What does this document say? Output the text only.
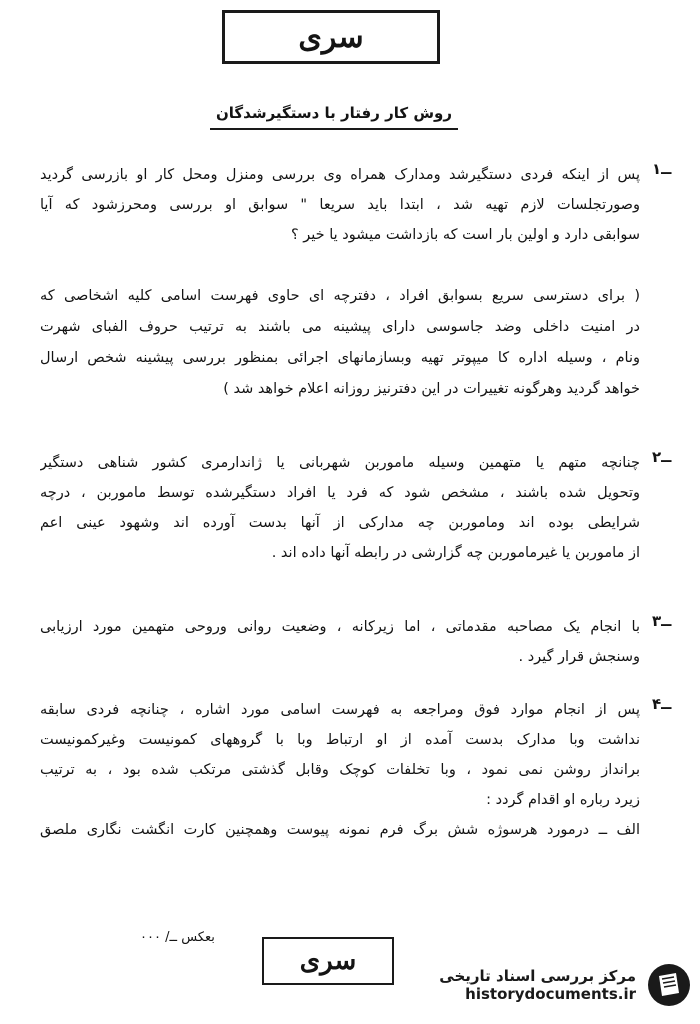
سری
روش کار رفتار با دستگیرشدگان
۱ــ
پس از اینکه فردی دستگیرشد ومدارک همراه وی بررسی ومنزل ومحل کار او بازرسی گردید
وصورتجلسات لازم تهیه شد ، ابتدا باید سریعا " سوابق او بررسی ومحرزشود که آیا
سوابقی دارد و اولین بار است که بازداشت میشود یا خیر ؟
( برای دسترسی سریع بسوابق افراد ، دفترچه ای حاوی فهرست اسامی کلیه اشخاصی که
در امنیت داخلی وضد جاسوسی دارای پیشینه می باشند به ترتیب حروف الفبای شهرت
ونام ، وسیله اداره کا میپوتر تهیه وبسازمانهای اجرائی بمنظور بررسی پیشینه شخص ارسال
خواهد گردید وهرگونه تغییرات در این دفترنیز روزانه اعلام خواهد شد )
۲ــ
چنانچه متهم یا متهمین وسیله ماموربن شهربانی یا ژاندارمری کشور شناهی دستگیر
وتحویل شده باشند ، مشخص شود که فرد یا افراد دستگیرشده توسط ماموربن ، درچه
شرایطی بوده اند وماموربن چه مدارکی از آنها بدست آورده اند وشهود عینی اعم
از ماموربن یا غیرماموربن چه گزارشی در رابطه آنها داده اند .
۳ــ
با انجام یک مصاحبه مقدماتی ، اما زیرکانه ، وضعیت روانی وروحی متهمین مورد ارزیابی
وسنجش قرار گیرد .
۴ــ
پس از انجام موارد فوق ومراجعه به فهرست اسامی مورد اشاره ، چنانچه فردی سابقه
نداشت وبا مدارک بدست آمده از او ارتباط وبا با گروههای کمونیست وغیرکمونیست
برانداز روشن نمی نمود ، وبا تخلفات کوچک وقابل گذشتی مرتکب شده بود ، به ترتیب
زیرد رباره او اقدام گردد :
الف ــ درمورد هرسوژه شش برگ فرم نمونه پیوست وهمچنین کارت انگشت نگاری ملصق
بعکس ــ/ ۰۰۰
سری	مرکز بررسی اسناد تاریخی
historydocuments.ir
